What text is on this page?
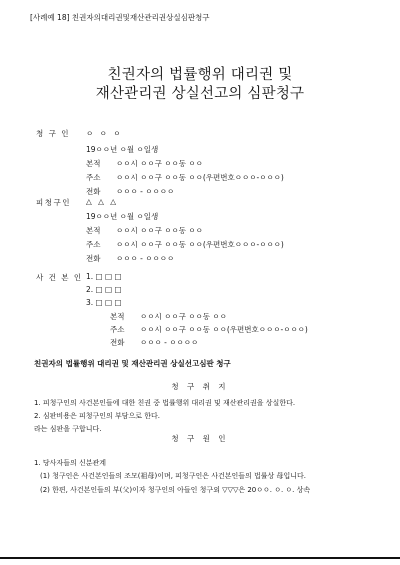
[사례예 18] 친권자의대리권및재산관리권상실심판청구
친권자의 법률행위 대리권 및
재산관리권 상실선고의 심판청구
청 구 인 ㅇ ㅇ ㅇ
19ㅇㅇ년 ㅇ월 ㅇ일생
본적 ㅇㅇ시 ㅇㅇ구 ㅇㅇ동 ㅇㅇ
주소 ㅇㅇ시 ㅇㅇ구 ㅇㅇ동 ㅇㅇ(우편번호ㅇㅇㅇ-ㅇㅇㅇ)
전화 ㅇㅇㅇ - ㅇㅇㅇㅇ
피청구인 △ △ △
19ㅇㅇ년 ㅇ월 ㅇ일생
본적 ㅇㅇ시 ㅇㅇ구 ㅇㅇ동 ㅇㅇ
주소 ㅇㅇ시 ㅇㅇ구 ㅇㅇ동 ㅇㅇ(우편번호ㅇㅇㅇ-ㅇㅇㅇ)
전화 ㅇㅇㅇ - ㅇㅇㅇㅇ
사 건 본 인 1. □ □ □
2. □ □ □
3. □ □ □
본적 ㅇㅇ시 ㅇㅇ구 ㅇㅇ동 ㅇㅇ
주소 ㅇㅇ시 ㅇㅇ구 ㅇㅇ동 ㅇㅇ(우편번호ㅇㅇㅇ-ㅇㅇㅇ)
전화 ㅇㅇㅇ - ㅇㅇㅇㅇ
친권자의 법률행위 대리권 및 재산관리권 상실선고심판 청구
청 구 취 지
1. 피청구인의 사건본인들에 대한 친권 중 법률행위 대리권 및 재산관리권을 상실한다.
2. 심판비용은 피청구인의 부담으로 한다.
라는 심판을 구합니다.
청 구 원 인
1. 당사자들의 신분관계
(1) 청구인은 사건본인들의 조모(祖母)이며, 피청구인은 사건본인들의 법률상 母입니다.
(2) 한편, 사건본인들의 부(父)이자 청구인의 아들인 청구외 ▽▽▽은 20ㅇㅇ. ㅇ. ㅇ. 상속
